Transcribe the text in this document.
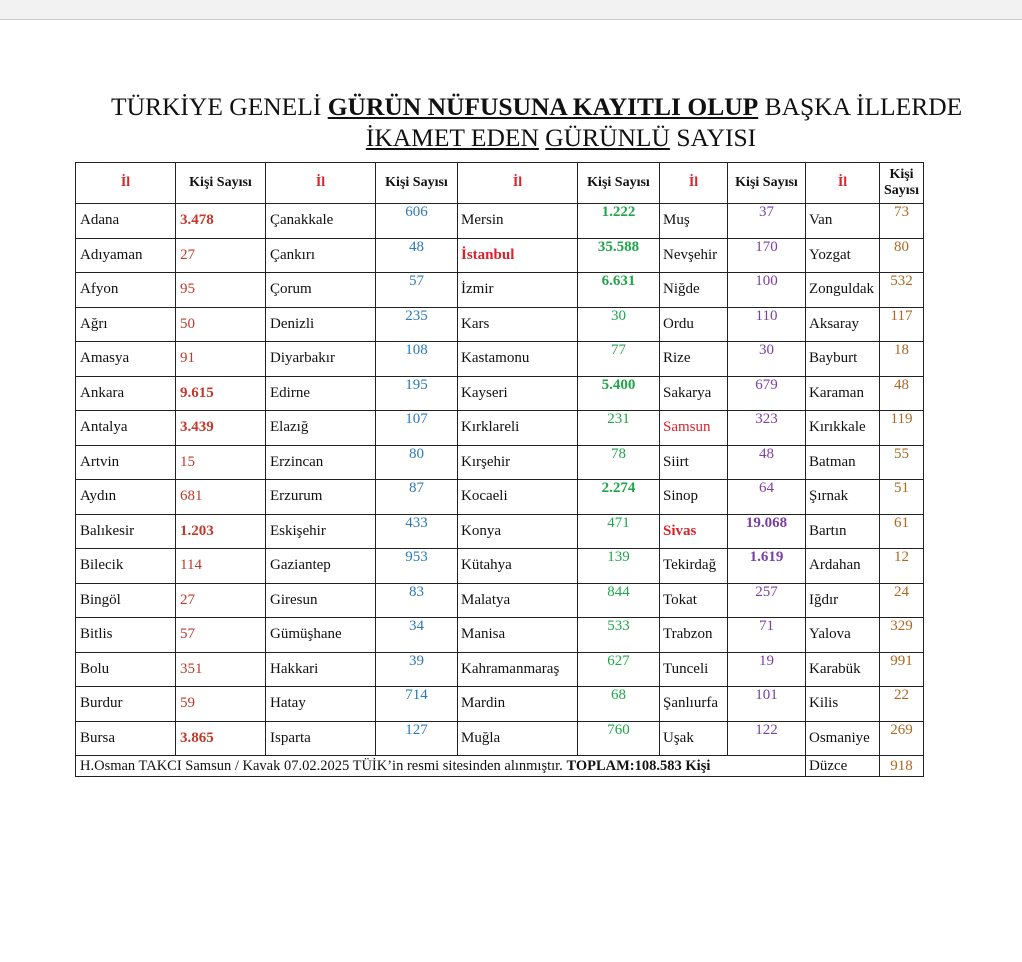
TÜRKİYE GENELİ GÜRÜN NÜFUSUNA KAYITLI OLUP BAŞKA İLLERDE
İKAMET EDEN GÜRÜNLÜ SAYISI
İl	Kişi Sayısı	İl	Kişi Sayısı	İl	Kişi Sayısı	İl	Kişi Sayısı	İl	Kişi Sayısı
Adana	3.478	Çanakkale	606	Mersin	1.222	Muş	37	Van	73
Adıyaman	27	Çankırı	48	İstanbul	35.588	Nevşehir	170	Yozgat	80
Afyon	95	Çorum	57	İzmir	6.631	Niğde	100	Zonguldak	532
Ağrı	50	Denizli	235	Kars	30	Ordu	110	Aksaray	117
Amasya	91	Diyarbakır	108	Kastamonu	77	Rize	30	Bayburt	18
Ankara	9.615	Edirne	195	Kayseri	5.400	Sakarya	679	Karaman	48
Antalya	3.439	Elazığ	107	Kırklareli	231	Samsun	323	Kırıkkale	119
Artvin	15	Erzincan	80	Kırşehir	78	Siirt	48	Batman	55
Aydın	681	Erzurum	87	Kocaeli	2.274	Sinop	64	Şırnak	51
Balıkesir	1.203	Eskişehir	433	Konya	471	Sivas	19.068	Bartın	61
Bilecik	114	Gaziantep	953	Kütahya	139	Tekirdağ	1.619	Ardahan	12
Bingöl	27	Giresun	83	Malatya	844	Tokat	257	Iğdır	24
Bitlis	57	Gümüşhane	34	Manisa	533	Trabzon	71	Yalova	329
Bolu	351	Hakkari	39	Kahramanmaraş	627	Tunceli	19	Karabük	991
Burdur	59	Hatay	714	Mardin	68	Şanlıurfa	101	Kilis	22
Bursa	3.865	Isparta	127	Muğla	760	Uşak	122	Osmaniye	269
H.Osman TAKCI Samsun / Kavak 07.02.2025 TÜİK’in resmi sitesinden alınmıştır. TOPLAM:108.583 Kişi								Düzce	918
